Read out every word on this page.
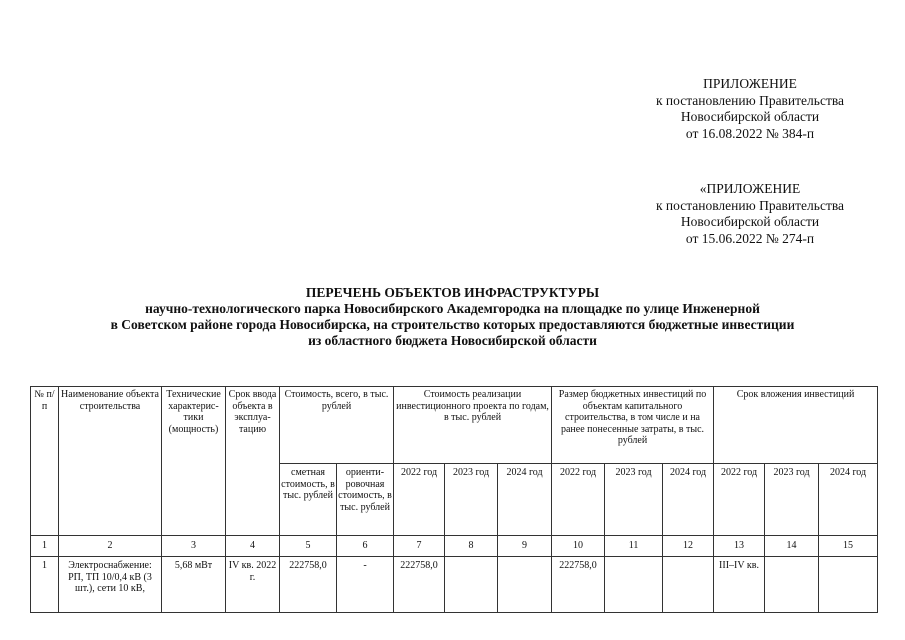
ПРИЛОЖЕНИЕ
к постановлению Правительства
Новосибирской области
от 16.08.2022 № 384-п
«ПРИЛОЖЕНИЕ
к постановлению Правительства
Новосибирской области
от 15.06.2022 № 274-п
ПЕРЕЧЕНЬ ОБЪЕКТОВ ИНФРАСТРУКТУРЫ
научно-технологического парка Новосибирского Академгородка на площадке по улице Инженерной
в Советском районе города Новосибирска, на строительство которых предоставляются бюджетные инвестиции
из областного бюджета Новосибирской области
№ п/п	Наименование объекта строительства	Технические характерис-тики (мощность)	Срок ввода объекта в эксплуа-тацию	Стоимость, всего, в тыс. рублей		Стоимость реализации инвестиционного проекта по годам, в тыс. рублей			Размер бюджетных инвестиций по объектам капитального строительства, в том числе и на ранее понесенные затраты, в тыс. рублей			Срок вложения инвестиций		
				сметная стоимость, в тыс. рублей	ориенти-ровочная стоимость, в тыс. рублей	2022 год	2023 год	2024 год	2022 год	2023 год	2024 год	2022 год	2023 год	2024 год
1	2	3	4	5	6	7	8	9	10	11	12	13	14	15
1	Электроснабжение: РП, ТП 10/0,4 кВ (3 шт.), сети 10 кВ,	5,68 мВт	IV кв. 2022 г.	222758,0	-	222758,0			222758,0			III–IV кв.		
